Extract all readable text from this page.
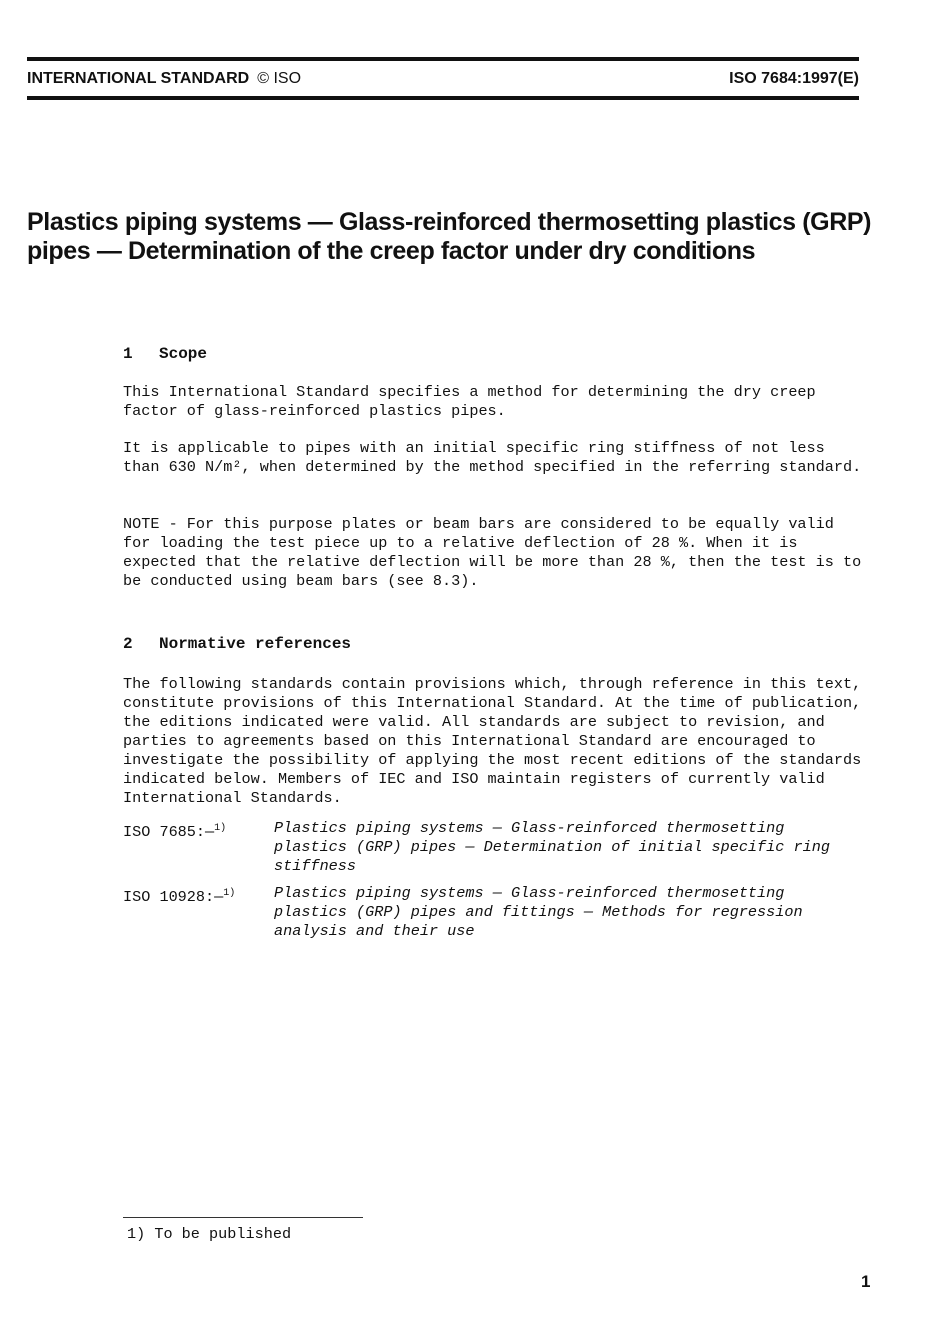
INTERNATIONAL STANDARD © ISO	ISO 7684:1997(E)
Plastics piping systems — Glass-reinforced thermosetting plastics (GRP) pipes — Determination of the creep factor under dry conditions
1 Scope

This International Standard specifies a method for determining the dry creep factor of glass-reinforced plastics pipes.

It is applicable to pipes with an initial specific ring stiffness of not less than 630 N/m², when determined by the method specified in the referring standard.

NOTE - For this purpose plates or beam bars are considered to be equally valid for loading the test piece up to a relative deflection of 28 %. When it is expected that the relative deflection will be more than 28 %, then the test is to be conducted using beam bars (see 8.3).

2 Normative references

The following standards contain provisions which, through reference in this text, constitute provisions of this International Standard. At the time of publication, the editions indicated were valid. All standards are subject to revision, and parties to agreements based on this International Standard are encouraged to investigate the possibility of applying the most recent editions of the standards indicated below. Members of IEC and ISO maintain registers of currently valid International Standards.

ISO 7685:—$^{1)}$	Plastics piping systems — Glass-reinforced thermosetting plastics (GRP) pipes — Determination of initial specific ring stiffness
ISO 10928:—$^{1)}$	Plastics piping systems — Glass-reinforced thermosetting plastics (GRP) pipes and fittings — Methods for regression analysis and their use
1) To be published
1
